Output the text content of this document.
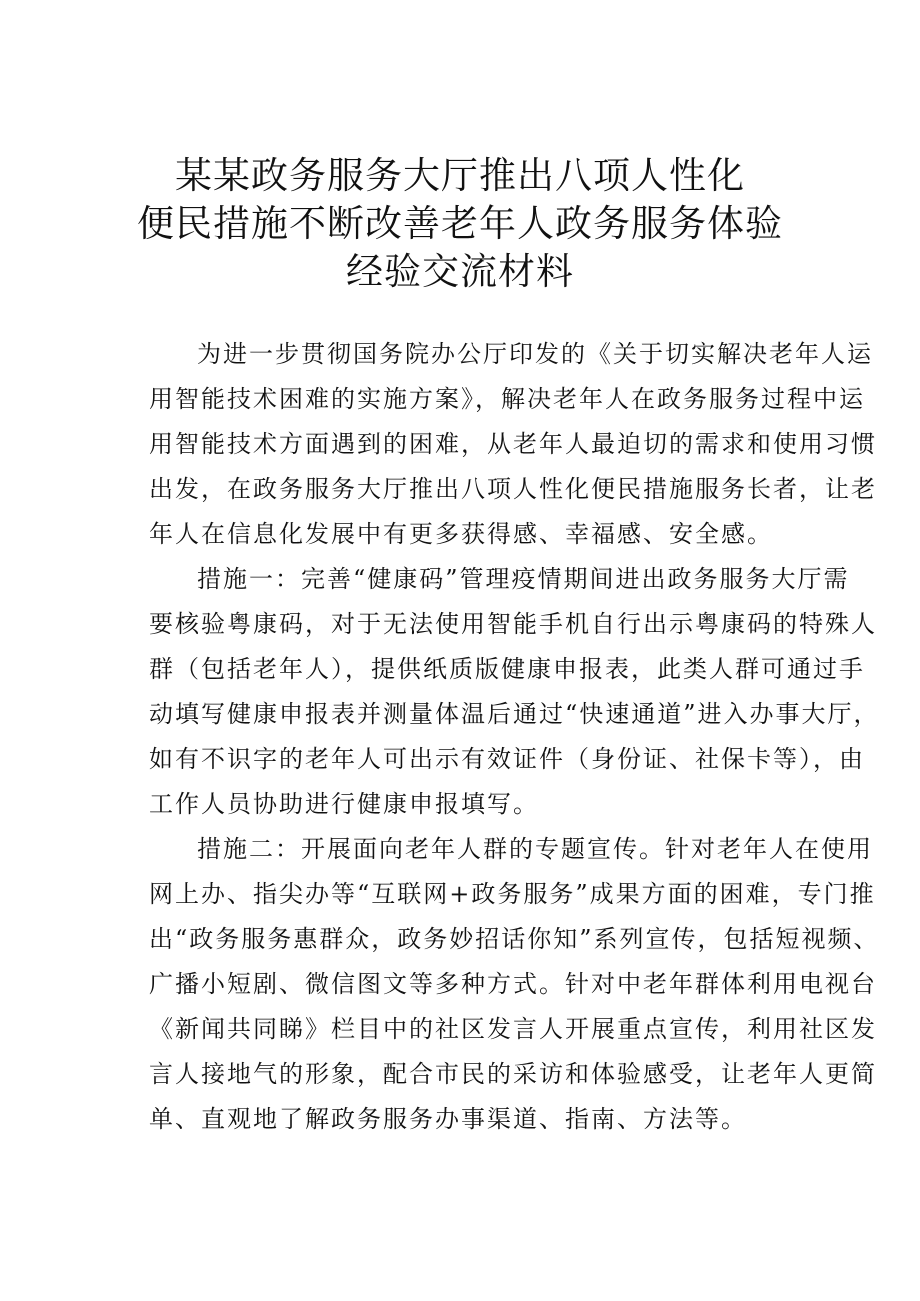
某某政务服务大厅推出八项人性化
便民措施不断改善老年人政务服务体验
经验交流材料

为进一步贯彻国务院办公厅印发的《关于切实解决老年人运
用智能技术困难的实施方案》，解决老年人在政务服务过程中运
用智能技术方面遇到的困难，从老年人最迫切的需求和使用习惯
出发，在政务服务大厅推出八项人性化便民措施服务长者，让老
年人在信息化发展中有更多获得感、幸福感、安全感。

措施一：完善“健康码”管理疫情期间进出政务服务大厅需
要核验粤康码，对于无法使用智能手机自行出示粤康码的特殊人
群（包括老年人），提供纸质版健康申报表，此类人群可通过手
动填写健康申报表并测量体温后通过“快速通道”进入办事大厅，
如有不识字的老年人可出示有效证件（身份证、社保卡等），由
工作人员协助进行健康申报填写。

措施二：开展面向老年人群的专题宣传。针对老年人在使用
网上办、指尖办等“互联网+政务服务”成果方面的困难，专门推
出“政务服务惠群众，政务妙招话你知”系列宣传，包括短视频、
广播小短剧、微信图文等多种方式。针对中老年群体利用电视台
《新闻共同睇》栏目中的社区发言人开展重点宣传，利用社区发
言人接地气的形象，配合市民的采访和体验感受，让老年人更简
单、直观地了解政务服务办事渠道、指南、方法等。
